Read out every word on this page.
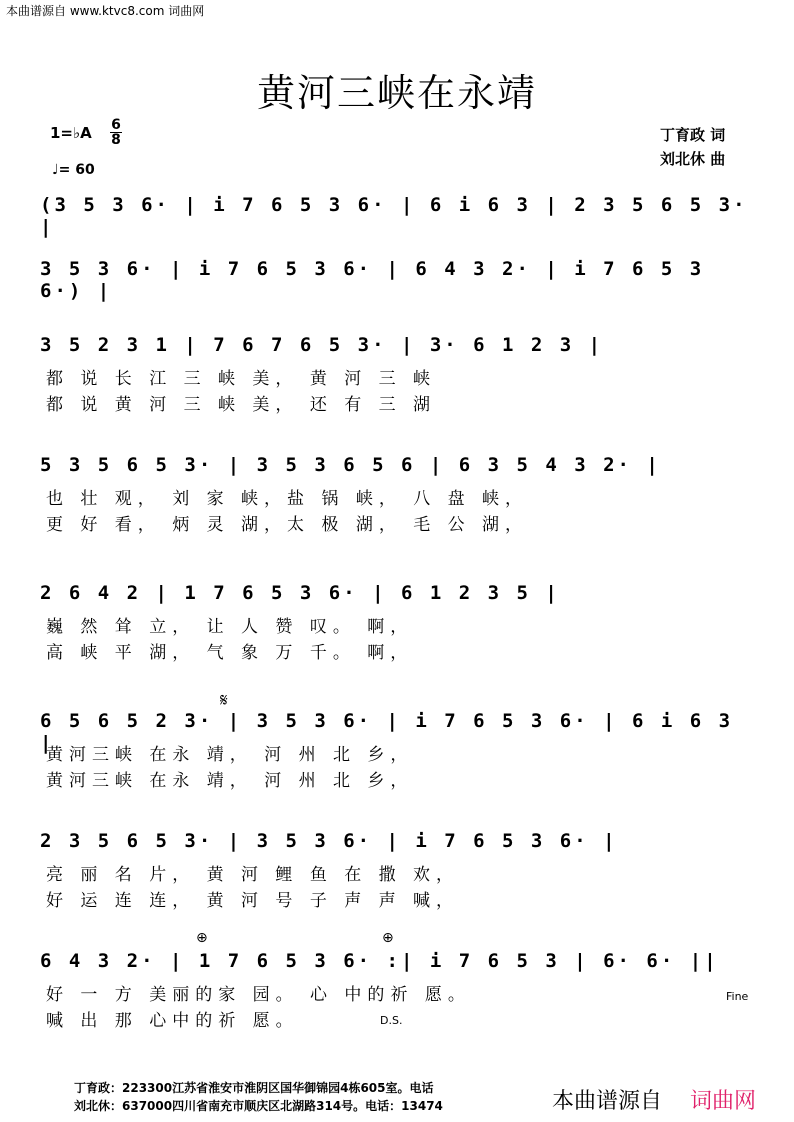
本曲谱源自 www.ktvc8.com 词曲网
黄河三峡在永靖
1=♭A 6
8
♩= 60
丁育政 词
刘北休 曲
(3 5 3 6· | i 7 6 5 3 6· | 6 i 6 3 | 2 3 5 6 5 3· |
3 5 3 6· | i 7 6 5 3 6· | 6 4 3 2· | i 7 6 5 3 6·) |
3 5 2 3 1 | 7 6 7 6 5 3· | 3· 6 1 2 3 |
都 说 长 江 三 峡 美， 黄 河 三 峡
都 说 黄 河 三 峡 美， 还 有 三 湖
5 3 5 6 5 3· | 3 5 3 6 5 6 | 6 3 5 4 3 2· |
也 壮 观， 刘 家 峡，盐 锅 峡， 八 盘 峡，
更 好 看， 炳 灵 湖，太 极 湖， 毛 公 湖，
2 6 4 2 | 1 7 6 5 3 6· | 6 1 2 3 5 |
巍 然 耸 立， 让 人 赞 叹。 啊，
高 峡 平 湖， 气 象 万 千。 啊，
6 5 6 5 2 3· | 3 5 3 6· | i 7 6 5 3 6· | 6 i 6 3 |
黄河三峡 在永 靖， 河 州 北 乡，
黄河三峡 在永 靖， 河 州 北 乡，
2 3 5 6 5 3· | 3 5 3 6· | i 7 6 5 3 6· |
亮 丽 名 片， 黄 河 鲤 鱼 在 撒 欢，
好 运 连 连， 黄 河 号 子 声 声 喊，
6 4 3 2· | 1 7 6 5 3 6· :| i 7 6 5 3 | 6· 6· ||
好 一 方 美丽的家 园。 心 中的祈 愿。
喊 出 那 心中的祈 愿。
𝄋
⊕	⊕
Fine
D.S.
丁育政：223300江苏省淮安市淮阴区国华御锦园4栋605室。电话
刘北休：637000四川省南充市顺庆区北湖路314号。电话：13474	本曲谱源自 词曲网
